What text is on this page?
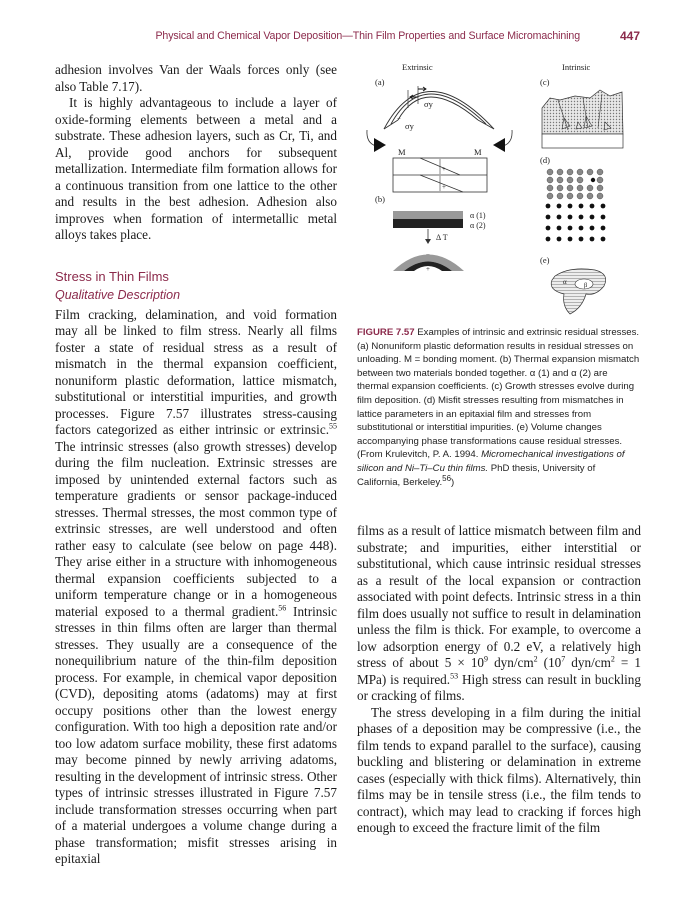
Physical and Chemical Vapor Deposition—Thin Film Properties and Surface Micromachining	447

adhesion involves Van der Waals forces only (see also Table 7.17).

It is highly advantageous to include a layer of oxide-forming elements between a metal and a substrate. These adhesion layers, such as Cr, Ti, and Al, provide good anchors for subsequent metallization. Intermediate film formation allows for a continuous transition from one lattice to the other and results in the best adhesion. Adhesion also improves when formation of intermetallic metal alloys takes place.

Stress in Thin Films
Qualitative Description

Film cracking, delamination, and void formation may all be linked to film stress. Nearly all films foster a state of residual stress as a result of mismatch in the thermal expansion coefficient, nonuniform plastic deformation, lattice mismatch, substitutional or interstitial impurities, and growth processes. Figure 7.57 illustrates stress-causing factors categorized as either intrinsic or extrinsic.$^{55}$ The intrinsic stresses (also growth stresses) develop during the film nucleation. Extrinsic stresses are imposed by unintended external factors such as temperature gradients or sensor package-induced stresses. Thermal stresses, the most common type of extrinsic stresses, are well understood and often rather easy to calculate (see below on page 448). They arise either in a structure with inhomogeneous thermal expansion coefficients subjected to a uniform temperature change or in a homogeneous material exposed to a thermal gradient.$^{56}$ Intrinsic stresses in thin films often are larger than thermal stresses. They usually are a consequence of the nonequilibrium nature of the thin-film deposition process. For example, in chemical vapor deposition (CVD), depositing atoms (adatoms) may at first occupy positions other than the lowest energy configuration. With too high a deposition rate and/or too low adatom surface mobility, these first adatoms may become pinned by newly arriving adatoms, resulting in the development of intrinsic stress. Other types of intrinsic stresses illustrated in Figure 7.57 include transformation stresses occurring when part of a material undergoes a volume change during a phase transformation; misfit stresses arising in epitaxial

Extrinsic	Intrinsic
(a)
σy
−
σy
M	M
+
+
(b)
α (1)
α (2)
Δ T
−
+
(c)
(d)
(e)
α	β
FIGURE 7.57 Examples of intrinsic and extrinsic residual stresses. (a) Nonuniform plastic deformation results in residual stresses on unloading. M = bonding moment. (b) Thermal expansion mismatch between two materials bonded together. α (1) and α (2) are thermal expansion coefficients. (c) Growth stresses evolve during film deposition. (d) Misfit stresses resulting from mismatches in lattice parameters in an epitaxial film and stresses from substitutional or interstitial impurities. (e) Volume changes accompanying phase transformations cause residual stresses. (From Krulevitch, P. A. 1994. Micromechanical investigations of silicon and Ni–Ti–Cu thin films. PhD thesis, University of California, Berkeley.$^{56}$)

films as a result of lattice mismatch between film and substrate; and impurities, either interstitial or substitutional, which cause intrinsic residual stresses as a result of the local expansion or contraction associated with point defects. Intrinsic stress in a thin film does usually not suffice to result in delamination unless the film is thick. For example, to overcome a low adsorption energy of 0.2 eV, a relatively high stress of about $5 \times 10^9$ dyn/$cm^2$ ($10^7$ dyn/$cm^2 = 1$ MPa) is required.$^{53}$ High stress can result in buckling or cracking of films.

The stress developing in a film during the initial phases of a deposition may be compressive (i.e., the film tends to expand parallel to the surface), causing buckling and blistering or delamination in extreme cases (especially with thick films). Alternatively, thin films may be in tensile stress (i.e., the film tends to contract), which may lead to cracking if forces high enough to exceed the fracture limit of the film
